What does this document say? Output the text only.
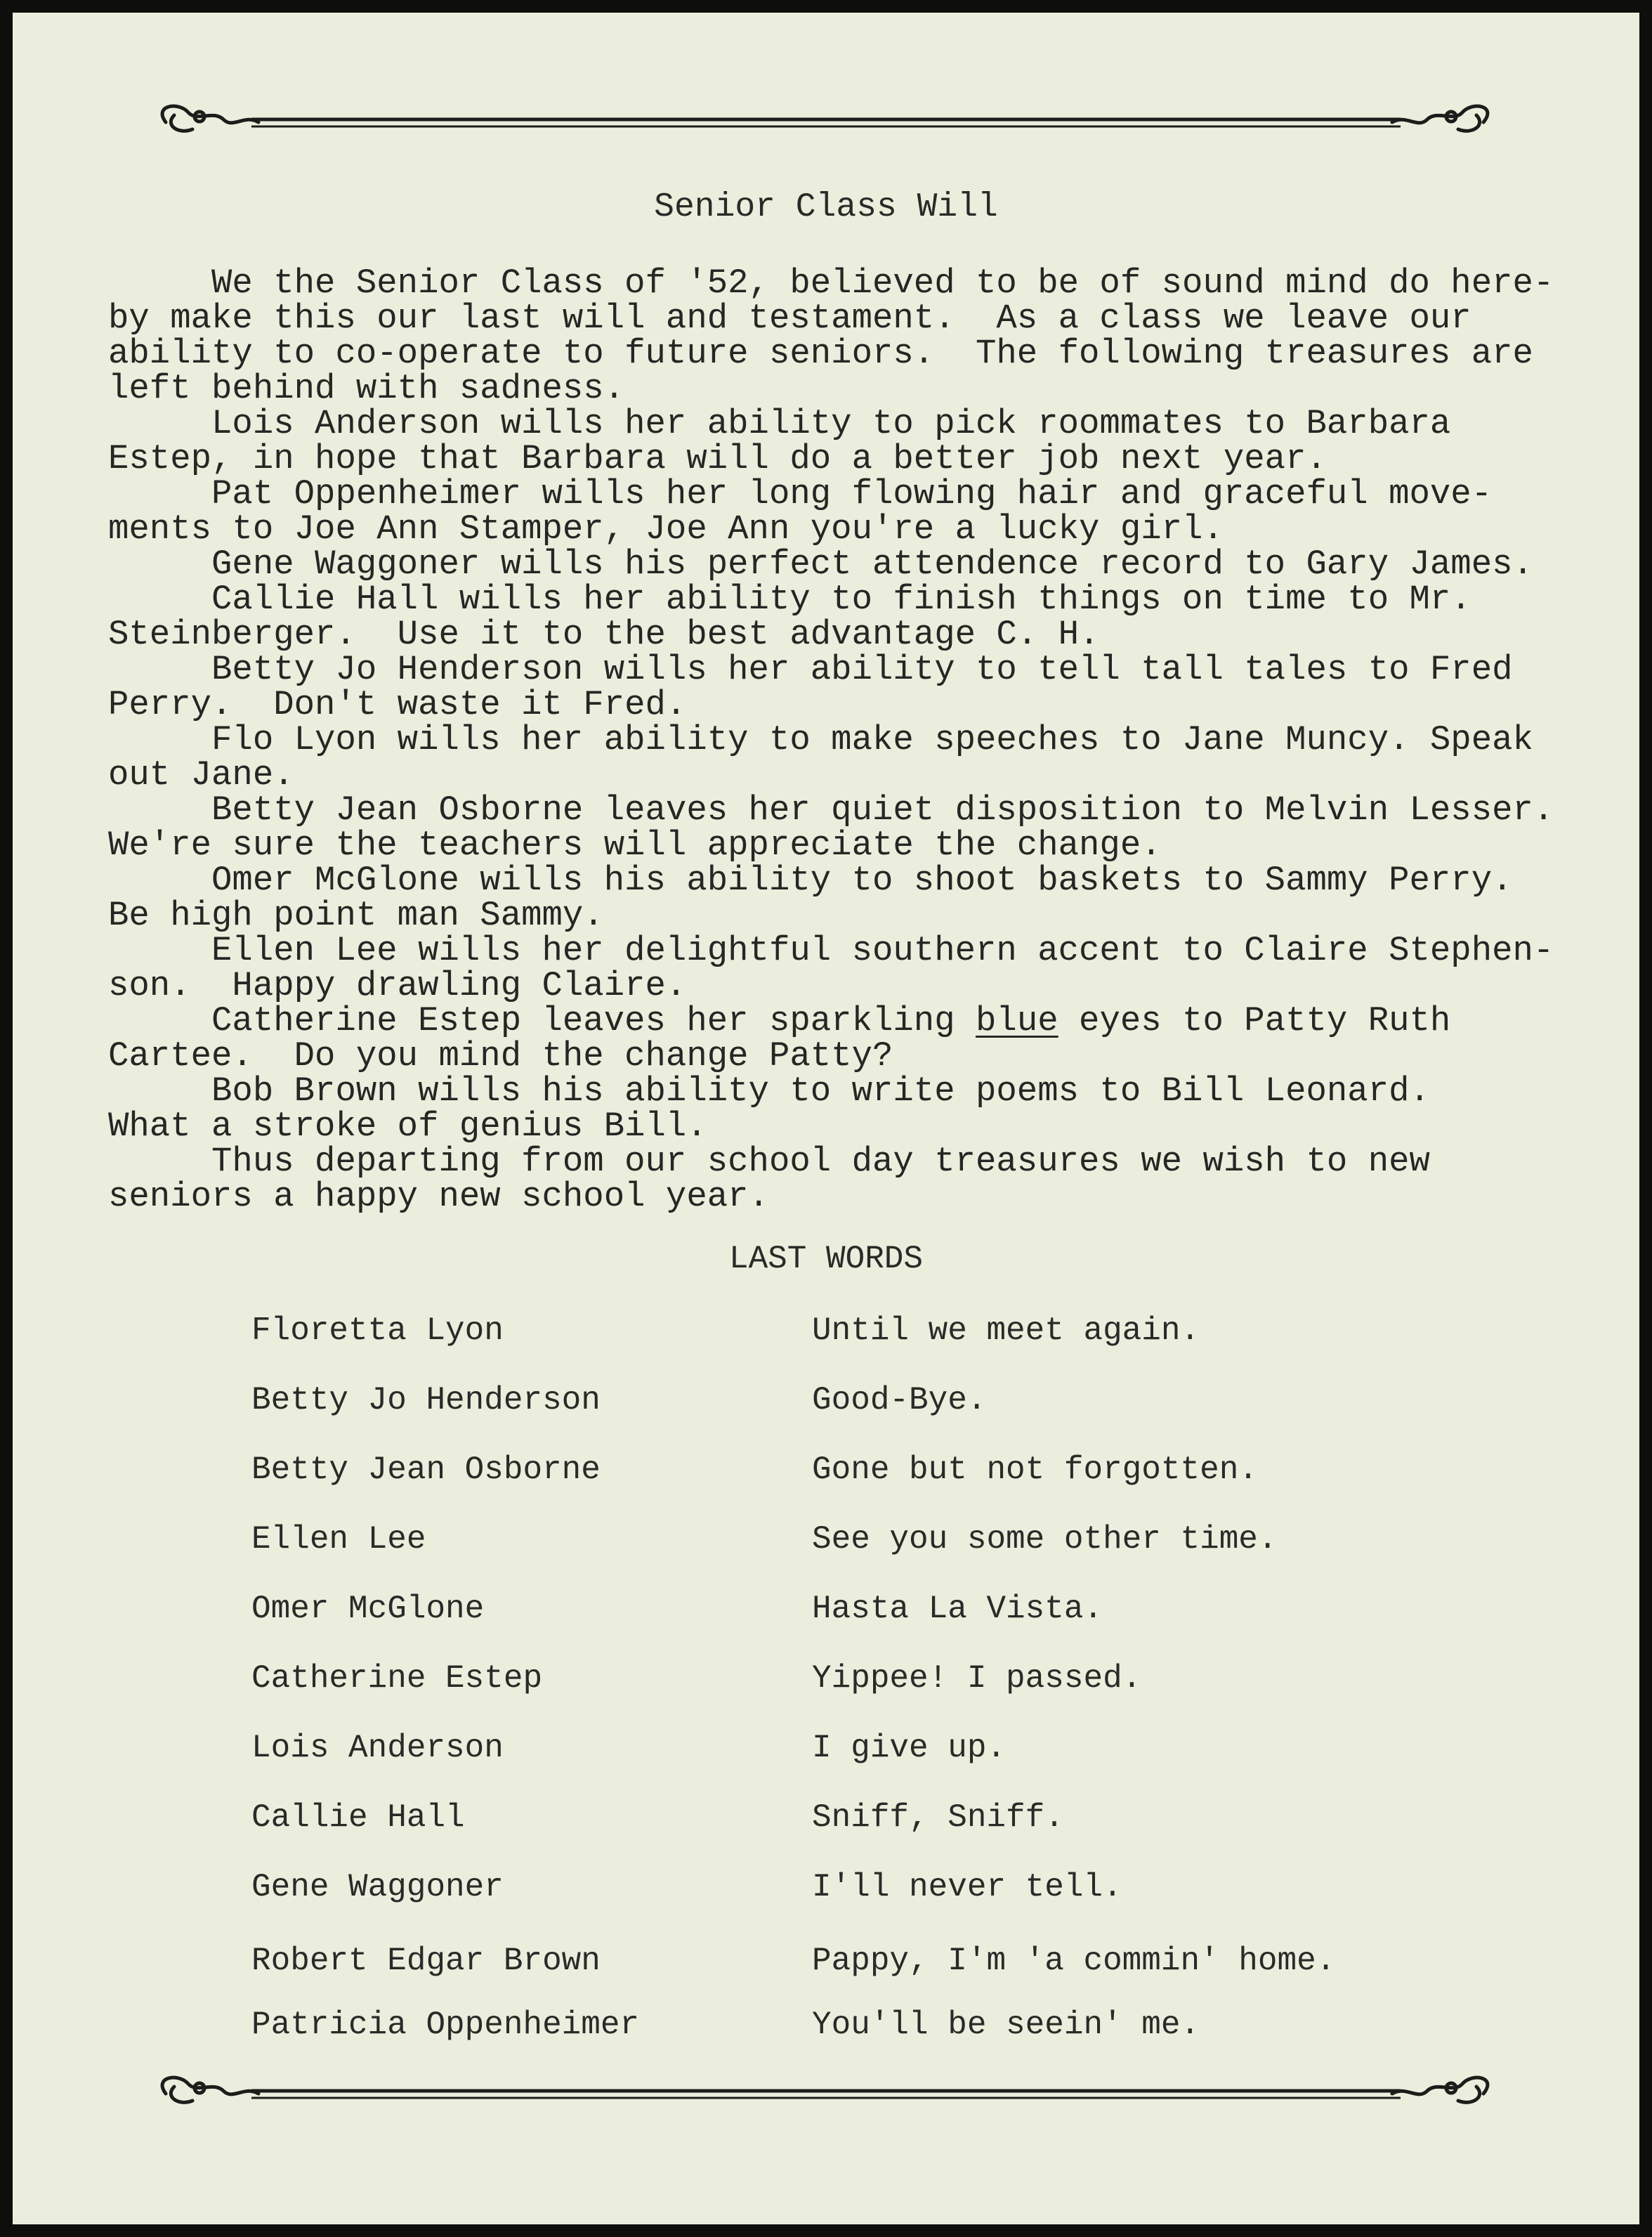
Senior Class Will

We the Senior Class of '52, believed to be of sound mind do here-
by make this our last will and testament.  As a class we leave our
ability to co-operate to future seniors.  The following treasures are
left behind with sadness.
Lois Anderson wills her ability to pick roommates to Barbara
Estep, in hope that Barbara will do a better job next year.
Pat Oppenheimer wills her long flowing hair and graceful move-
ments to Joe Ann Stamper, Joe Ann you're a lucky girl.
Gene Waggoner wills his perfect attendence record to Gary James.
Callie Hall wills her ability to finish things on time to Mr.
Steinberger.  Use it to the best advantage C. H.
Betty Jo Henderson wills her ability to tell tall tales to Fred
Perry.  Don't waste it Fred.
Flo Lyon wills her ability to make speeches to Jane Muncy. Speak
out Jane.
Betty Jean Osborne leaves her quiet disposition to Melvin Lesser.
We're sure the teachers will appreciate the change.
Omer McGlone wills his ability to shoot baskets to Sammy Perry.
Be high point man Sammy.
Ellen Lee wills her delightful southern accent to Claire Stephen-
son.  Happy drawling Claire.
Catherine Estep leaves her sparkling blue eyes to Patty Ruth
Cartee.  Do you mind the change Patty?
Bob Brown wills his ability to write poems to Bill Leonard.
What a stroke of genius Bill.
Thus departing from our school day treasures we wish to new
seniors a happy new school year.

LAST WORDS
Floretta Lyon	Until we meet again.
Betty Jo Henderson	Good-Bye.
Betty Jean Osborne	Gone but not forgotten.
Ellen Lee	See you some other time.
Omer McGlone	Hasta La Vista.
Catherine Estep	Yippee! I passed.
Lois Anderson	I give up.
Callie Hall	Sniff, Sniff.
Gene Waggoner	I'll never tell.
Robert Edgar Brown	Pappy, I'm 'a commin' home.
Patricia Oppenheimer	You'll be seein' me.
